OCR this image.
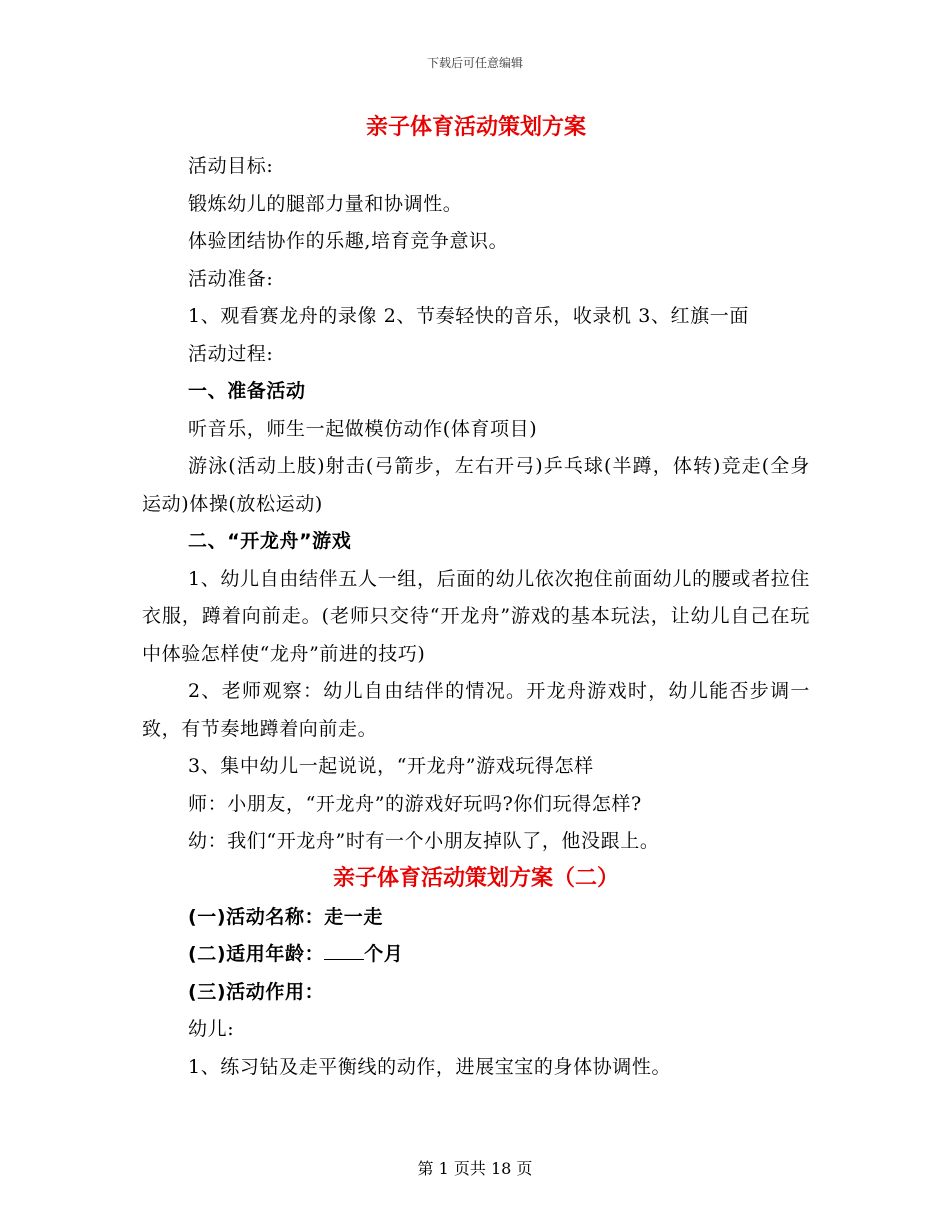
下载后可任意编辑
亲子体育活动策划方案

活动目标:

锻炼幼儿的腿部力量和协调性。

体验团结协作的乐趣,培育竞争意识。

活动准备:

1、观看赛龙舟的录像 2、节奏轻快的音乐，收录机 3、红旗一面

活动过程:

一、准备活动

听音乐，师生一起做模仿动作(体育项目)

游泳(活动上肢)射击(弓箭步，左右开弓)乒乓球(半蹲，体转)竞走(全身运动)体操(放松运动)

二、“开龙舟”游戏

1、幼儿自由结伴五人一组，后面的幼儿依次抱住前面幼儿的腰或者拉住衣服，蹲着向前走。(老师只交待“开龙舟”游戏的基本玩法，让幼儿自己在玩中体验怎样使“龙舟”前进的技巧)

2、老师观察：幼儿自由结伴的情况。开龙舟游戏时，幼儿能否步调一致，有节奏地蹲着向前走。

3、集中幼儿一起说说，“开龙舟”游戏玩得怎样

师：小朋友，“开龙舟”的游戏好玩吗?你们玩得怎样?

幼：我们“开龙舟”时有一个小朋友掉队了，他没跟上。

亲子体育活动策划方案（二）

(一)活动名称：走一走

(二)适用年龄： 个月

(三)活动作用：

幼儿:

1、练习钻及走平衡线的动作，进展宝宝的身体协调性。

第 1 页共 18 页
